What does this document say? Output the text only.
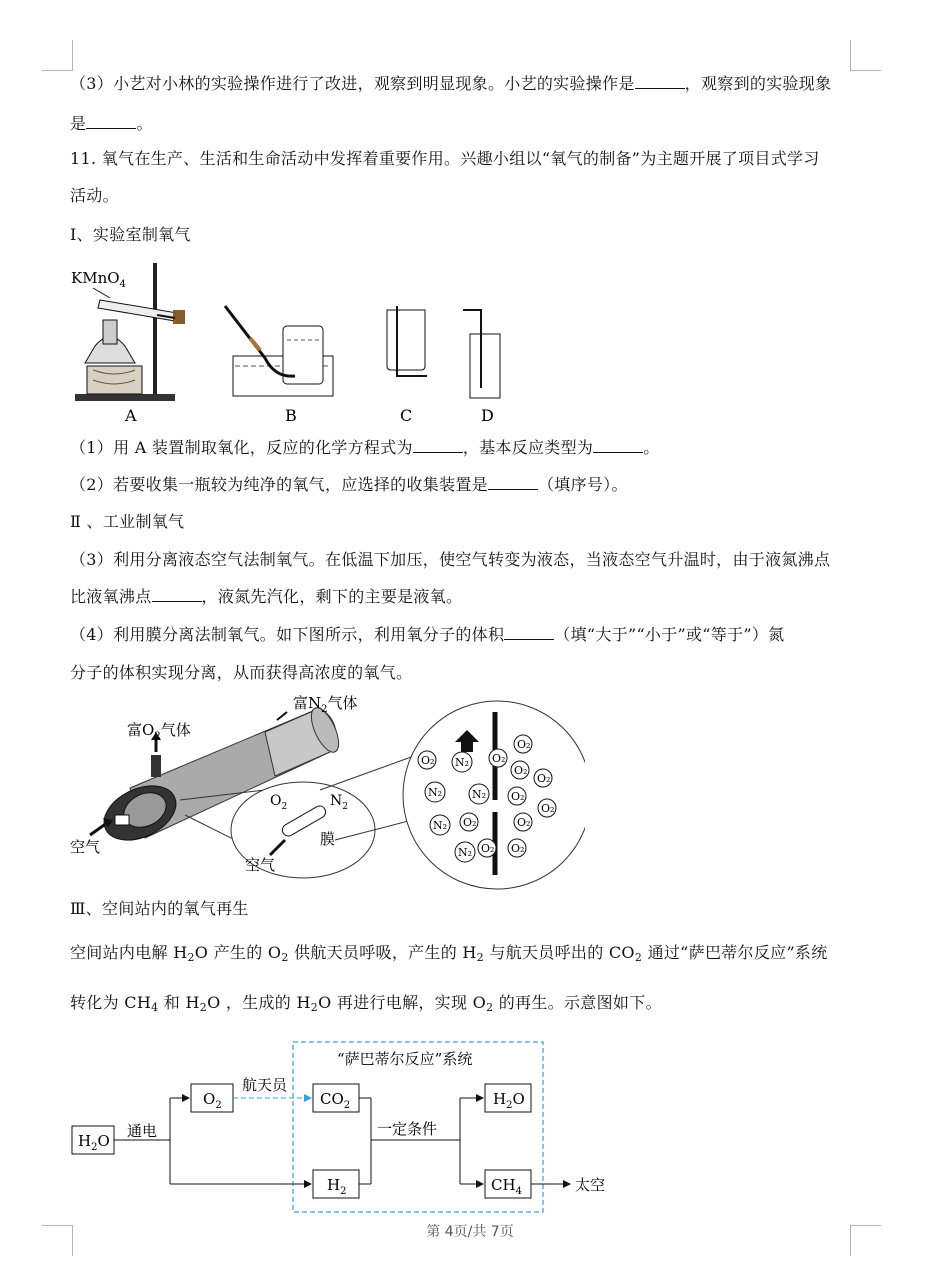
（3）小艺对小林的实验操作进行了改进，观察到明显现象。小艺的实验操作是	，观察到的实验现象
是	。
11. 氧气在生产、生活和生命活动中发挥着重要作用。兴趣小组以“氧气的制备”为主题开展了项目式学习
活动。
Ⅰ、实验室制氧气
KMnO$_4$
A	B	C	D
（1）用 A 装置制取氧化，反应的化学方程式为	，基本反应类型为	。
（2）若要收集一瓶较为纯净的氧气，应选择的收集装置是	（填序号）。
Ⅱ 、工业制氧气
（3）利用分离液态空气法制氧气。在低温下加压，使空气转变为液态，当液态空气升温时，由于液氮沸点
比液氧沸点	，液氮先汽化，剩下的主要是液氧。
（4）利用膜分离法制氧气。如下图所示，利用氧分子的体积	（填“大于”“小于”或“等于”）氮
分子的体积实现分离，从而获得高浓度的氧气。
富$O_2$气体
富$N_2$气体
空气
$O_2$	$N_2$
膜
空气
O₂ N₂ O₂
N₂	N₂
N₂ O₂
N₂ O₂
O₂
O₂
O₂
O₂
O₂
O₂
O₂
Ⅲ、空间站内的氧气再生
空间站内电解 $H_2O$ 产生的 $O_2$ 供航天员呼吸，产生的 $H_2$ 与航天员呼出的 $CO_2$ 通过“萨巴蒂尔反应”系统
转化为 $CH_4$ 和 $H_2O$ ，生成的 $H_2O$ 再进行电解，实现 $O_2$ 的再生。示意图如下。
“萨巴蒂尔反应”系统
$H_2O$
通电
$O_2$
航天员
$CO_2$
$H_2$
一定条件
$H_2O$
$CH_4$	太空
第 4页/共 7页
